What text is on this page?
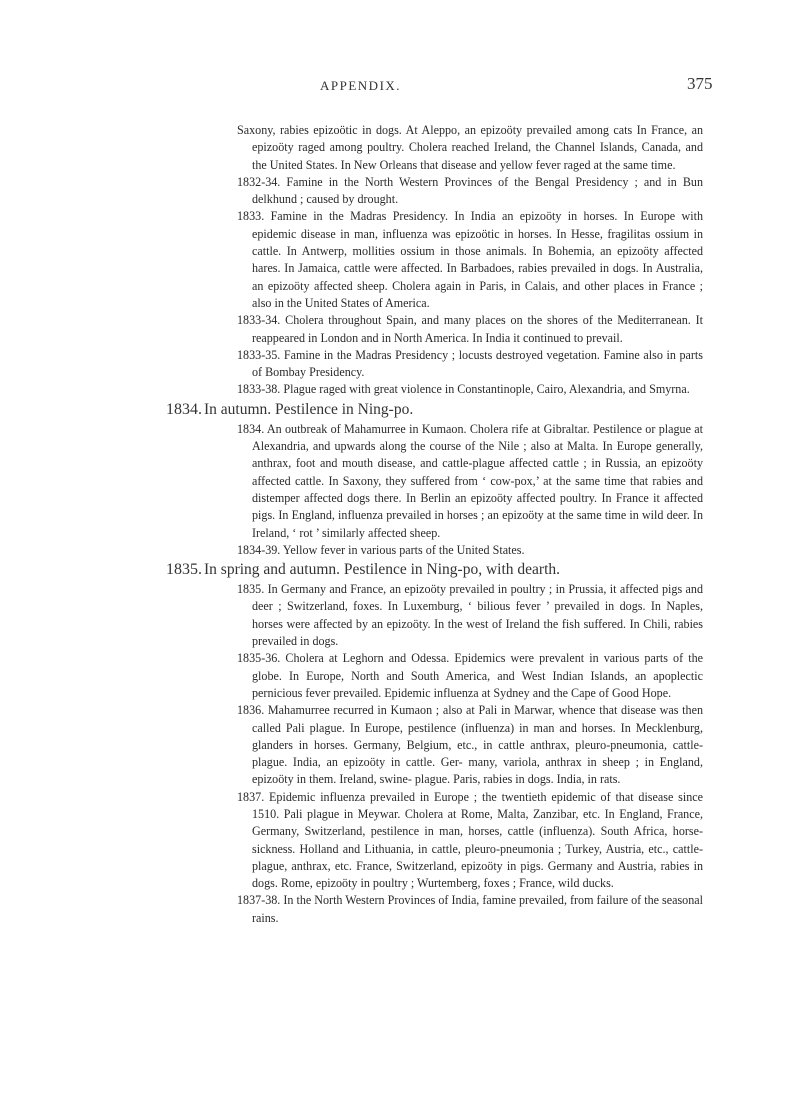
APPENDIX.	375

Saxony, rabies epizoötic in dogs. At Aleppo, an epizoöty prevailed among cats In France, an epizoöty raged among poultry. Cholera reached Ireland, the Channel Islands, Canada, and the United States. In New Orleans that disease and yellow fever raged at the same time.

1832-34. Famine in the North Western Provinces of the Bengal Presidency ; and in Bun delkhund ; caused by drought.

1833. Famine in the Madras Presidency. In India an epizoöty in horses. In Europe with epidemic disease in man, influenza was epizoötic in horses. In Hesse, fragilitas ossium in cattle. In Antwerp, mollities ossium in those animals. In Bohemia, an epizoöty affected hares. In Jamaica, cattle were affected. In Barbadoes, rabies prevailed in dogs. In Australia, an epizoöty affected sheep. Cholera again in Paris, in Calais, and other places in France ; also in the United States of America.

1833-34. Cholera throughout Spain, and many places on the shores of the Mediterranean. It reappeared in London and in North America. In India it continued to prevail.

1833-35. Famine in the Madras Presidency ; locusts destroyed vegetation. Famine also in parts of Bombay Presidency.

1833-38. Plague raged with great violence in Constantinople, Cairo, Alexandria, and Smyrna.

1834. In autumn. Pestilence in Ning-po.

1834. An outbreak of Mahamurree in Kumaon. Cholera rife at Gibraltar. Pestilence or plague at Alexandria, and upwards along the course of the Nile ; also at Malta. In Europe generally, anthrax, foot and mouth disease, and cattle-plague affected cattle ; in Russia, an epizoöty affected cattle. In Saxony, they suffered from ‘ cow-pox,’ at the same time that rabies and distemper affected dogs there. In Berlin an epizoöty affected poultry. In France it affected pigs. In England, influenza prevailed in horses ; an epizoöty at the same time in wild deer. In Ireland, ‘ rot ’ similarly affected sheep.

1834-39. Yellow fever in various parts of the United States.

1835. In spring and autumn. Pestilence in Ning-po, with dearth.

1835. In Germany and France, an epizoöty prevailed in poultry ; in Prussia, it affected pigs and deer ; Switzerland, foxes. In Luxemburg, ‘ bilious fever ’ prevailed in dogs. In Naples, horses were affected by an epizoöty. In the west of Ireland the fish suffered. In Chili, rabies prevailed in dogs.

1835-36. Cholera at Leghorn and Odessa. Epidemics were prevalent in various parts of the globe. In Europe, North and South America, and West Indian Islands, an apoplectic pernicious fever prevailed. Epidemic influenza at Sydney and the Cape of Good Hope.

1836. Mahamurree recurred in Kumaon ; also at Pali in Marwar, whence that disease was then called Pali plague. In Europe, pestilence (influenza) in man and horses. In Mecklenburg, glanders in horses. Germany, Belgium, etc., in cattle anthrax, pleuro-pneumonia, cattle-plague. India, an epizoöty in cattle. Ger- many, variola, anthrax in sheep ; in England, epizoöty in them. Ireland, swine- plague. Paris, rabies in dogs. India, in rats.

1837. Epidemic influenza prevailed in Europe ; the twentieth epidemic of that disease since 1510. Pali plague in Meywar. Cholera at Rome, Malta, Zanzibar, etc. In England, France, Germany, Switzerland, pestilence in man, horses, cattle (influenza). South Africa, horse-sickness. Holland and Lithuania, in cattle, pleuro-pneumonia ; Turkey, Austria, etc., cattle-plague, anthrax, etc. France, Switzerland, epizoöty in pigs. Germany and Austria, rabies in dogs. Rome, epizoöty in poultry ; Wurtemberg, foxes ; France, wild ducks.

1837-38. In the North Western Provinces of India, famine prevailed, from failure of the seasonal rains.
